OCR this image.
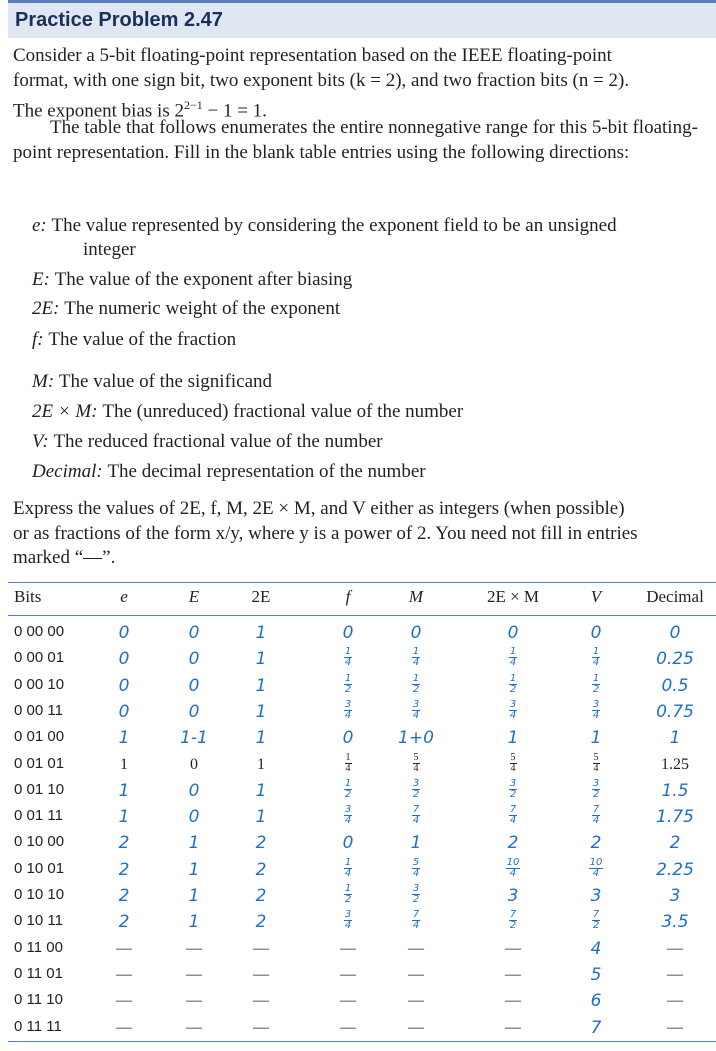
Practice Problem 2.47
Consider a 5-bit floating-point representation based on the IEEE floating-point
format, with one sign bit, two exponent bits (k = 2), and two fraction bits (n = 2).
The exponent bias is $2^{2-1} - 1 = 1$.
The table that follows enumerates the entire nonnegative range for this 5-bit floating-point representation. Fill in the blank table entries using the following directions:
e: The value represented by considering the exponent field to be an unsigned
integer
E: The value of the exponent after biasing
2E: The numeric weight of the exponent
f: The value of the fraction
M: The value of the significand
2E × M: The (unreduced) fractional value of the number
V: The reduced fractional value of the number
Decimal: The decimal representation of the number
Express the values of 2E, f, M, 2E × M, and V either as integers (when possible)
or as fractions of the form x/y, where y is a power of 2. You need not fill in entries
marked “—”.
Bits	e	E	2E	f	M	2E × M	V	Decimal
0 00 00	0	0	1	0	0	0	0	0
0 00 01	0	0	1	$\frac{1}{4}$	$\frac{1}{4}$	$\frac{1}{4}$	$\frac{1}{4}$	0.25
0 00 10	0	0	1	$\frac{1}{2}$	$\frac{1}{2}$	$\frac{1}{2}$	$\frac{1}{2}$	0.5
0 00 11	0	0	1	$\frac{3}{4}$	$\frac{3}{4}$	$\frac{3}{4}$	$\frac{3}{4}$	0.75
0 01 00	1	1-1	1	0	1+0	1	1	1
0 01 01	1	0	1	$\frac{1}{4}$	$\frac{5}{4}$	$\frac{5}{4}$	$\frac{5}{4}$	1.25
0 01 10	1	0	1	$\frac{1}{2}$	$\frac{3}{2}$	$\frac{3}{2}$	$\frac{3}{2}$	1.5
0 01 11	1	0	1	$\frac{3}{4}$	$\frac{7}{4}$	$\frac{7}{4}$	$\frac{7}{4}$	1.75
0 10 00	2	1	2	0	1	2	2	2
0 10 01	2	1	2	$\frac{1}{4}$	$\frac{5}{4}$	$\frac{10}{4}$	$\frac{10}{4}$	2.25
0 10 10	2	1	2	$\frac{1}{2}$	$\frac{3}{2}$	3	3	3
0 10 11	2	1	2	$\frac{3}{4}$	$\frac{7}{4}$	$\frac{7}{2}$	$\frac{7}{2}$	3.5
0 11 00	—	—	—	—	—	—	4	—
0 11 01	—	—	—	—	—	—	5	—
0 11 10	—	—	—	—	—	—	6	—
0 11 11	—	—	—	—	—	—	7	—
